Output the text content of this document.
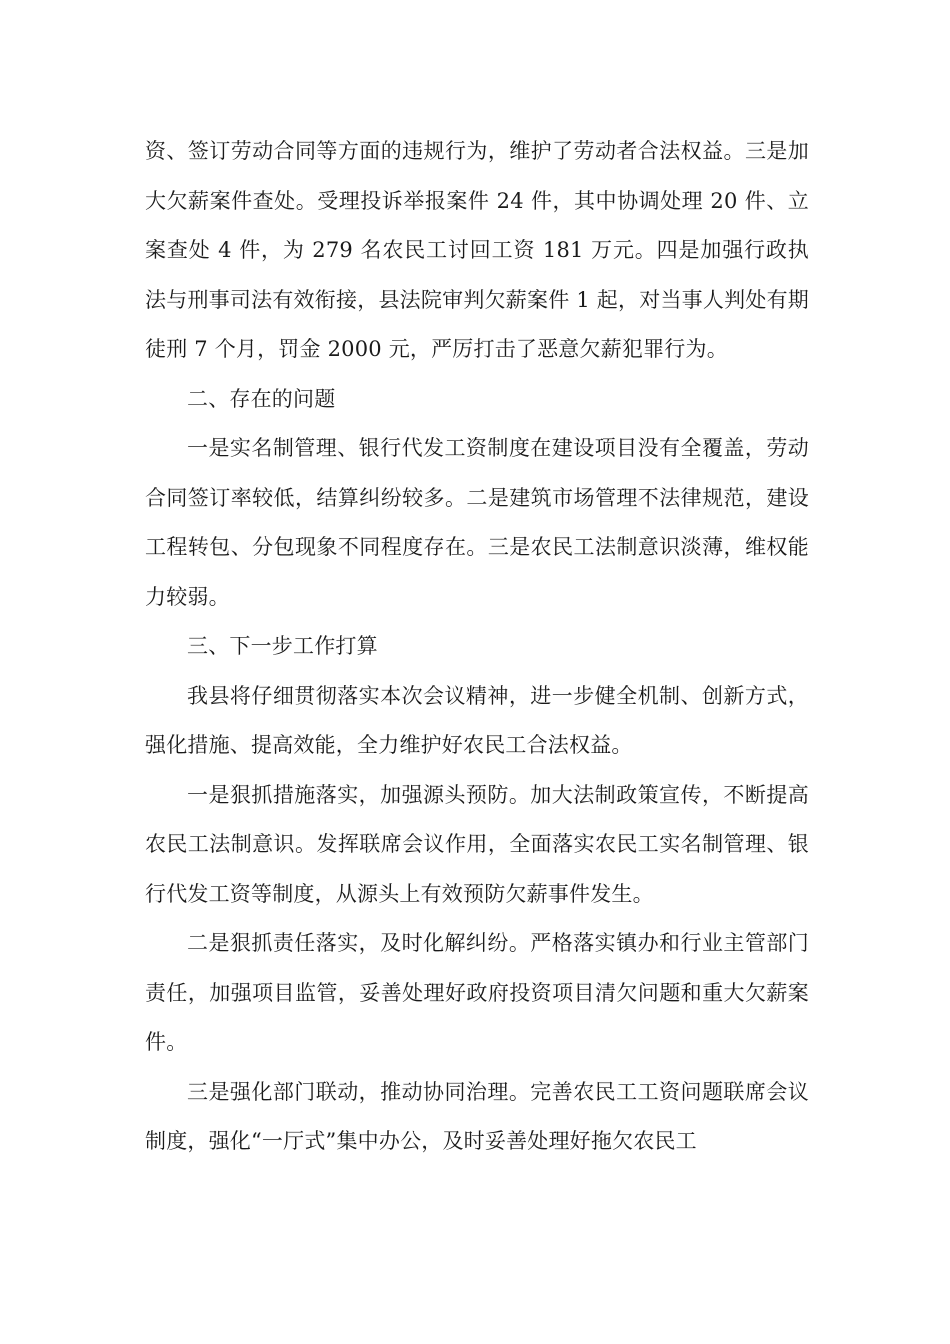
资、签订劳动合同等方面的违规行为，维护了劳动者合法权益。三是加大欠薪案件查处。受理投诉举报案件 24 件，其中协调处理 20 件、立案查处 4 件，为 279 名农民工讨回工资 181 万元。四是加强行政执法与刑事司法有效衔接，县法院审判欠薪案件 1 起，对当事人判处有期徒刑 7 个月，罚金 2000 元，严厉打击了恶意欠薪犯罪行为。

二、存在的问题

一是实名制管理、银行代发工资制度在建设项目没有全覆盖，劳动合同签订率较低，结算纠纷较多。二是建筑市场管理不法律规范，建设工程转包、分包现象不同程度存在。三是农民工法制意识淡薄，维权能力较弱。

三、下一步工作打算

我县将仔细贯彻落实本次会议精神，进一步健全机制、创新方式，强化措施、提高效能，全力维护好农民工合法权益。

一是狠抓措施落实，加强源头预防。加大法制政策宣传，不断提高农民工法制意识。发挥联席会议作用，全面落实农民工实名制管理、银行代发工资等制度，从源头上有效预防欠薪事件发生。

二是狠抓责任落实，及时化解纠纷。严格落实镇办和行业主管部门责任，加强项目监管，妥善处理好政府投资项目清欠问题和重大欠薪案件。

三是强化部门联动，推动协同治理。完善农民工工资问题联席会议制度，强化“一厅式”集中办公，及时妥善处理好拖欠农民工
